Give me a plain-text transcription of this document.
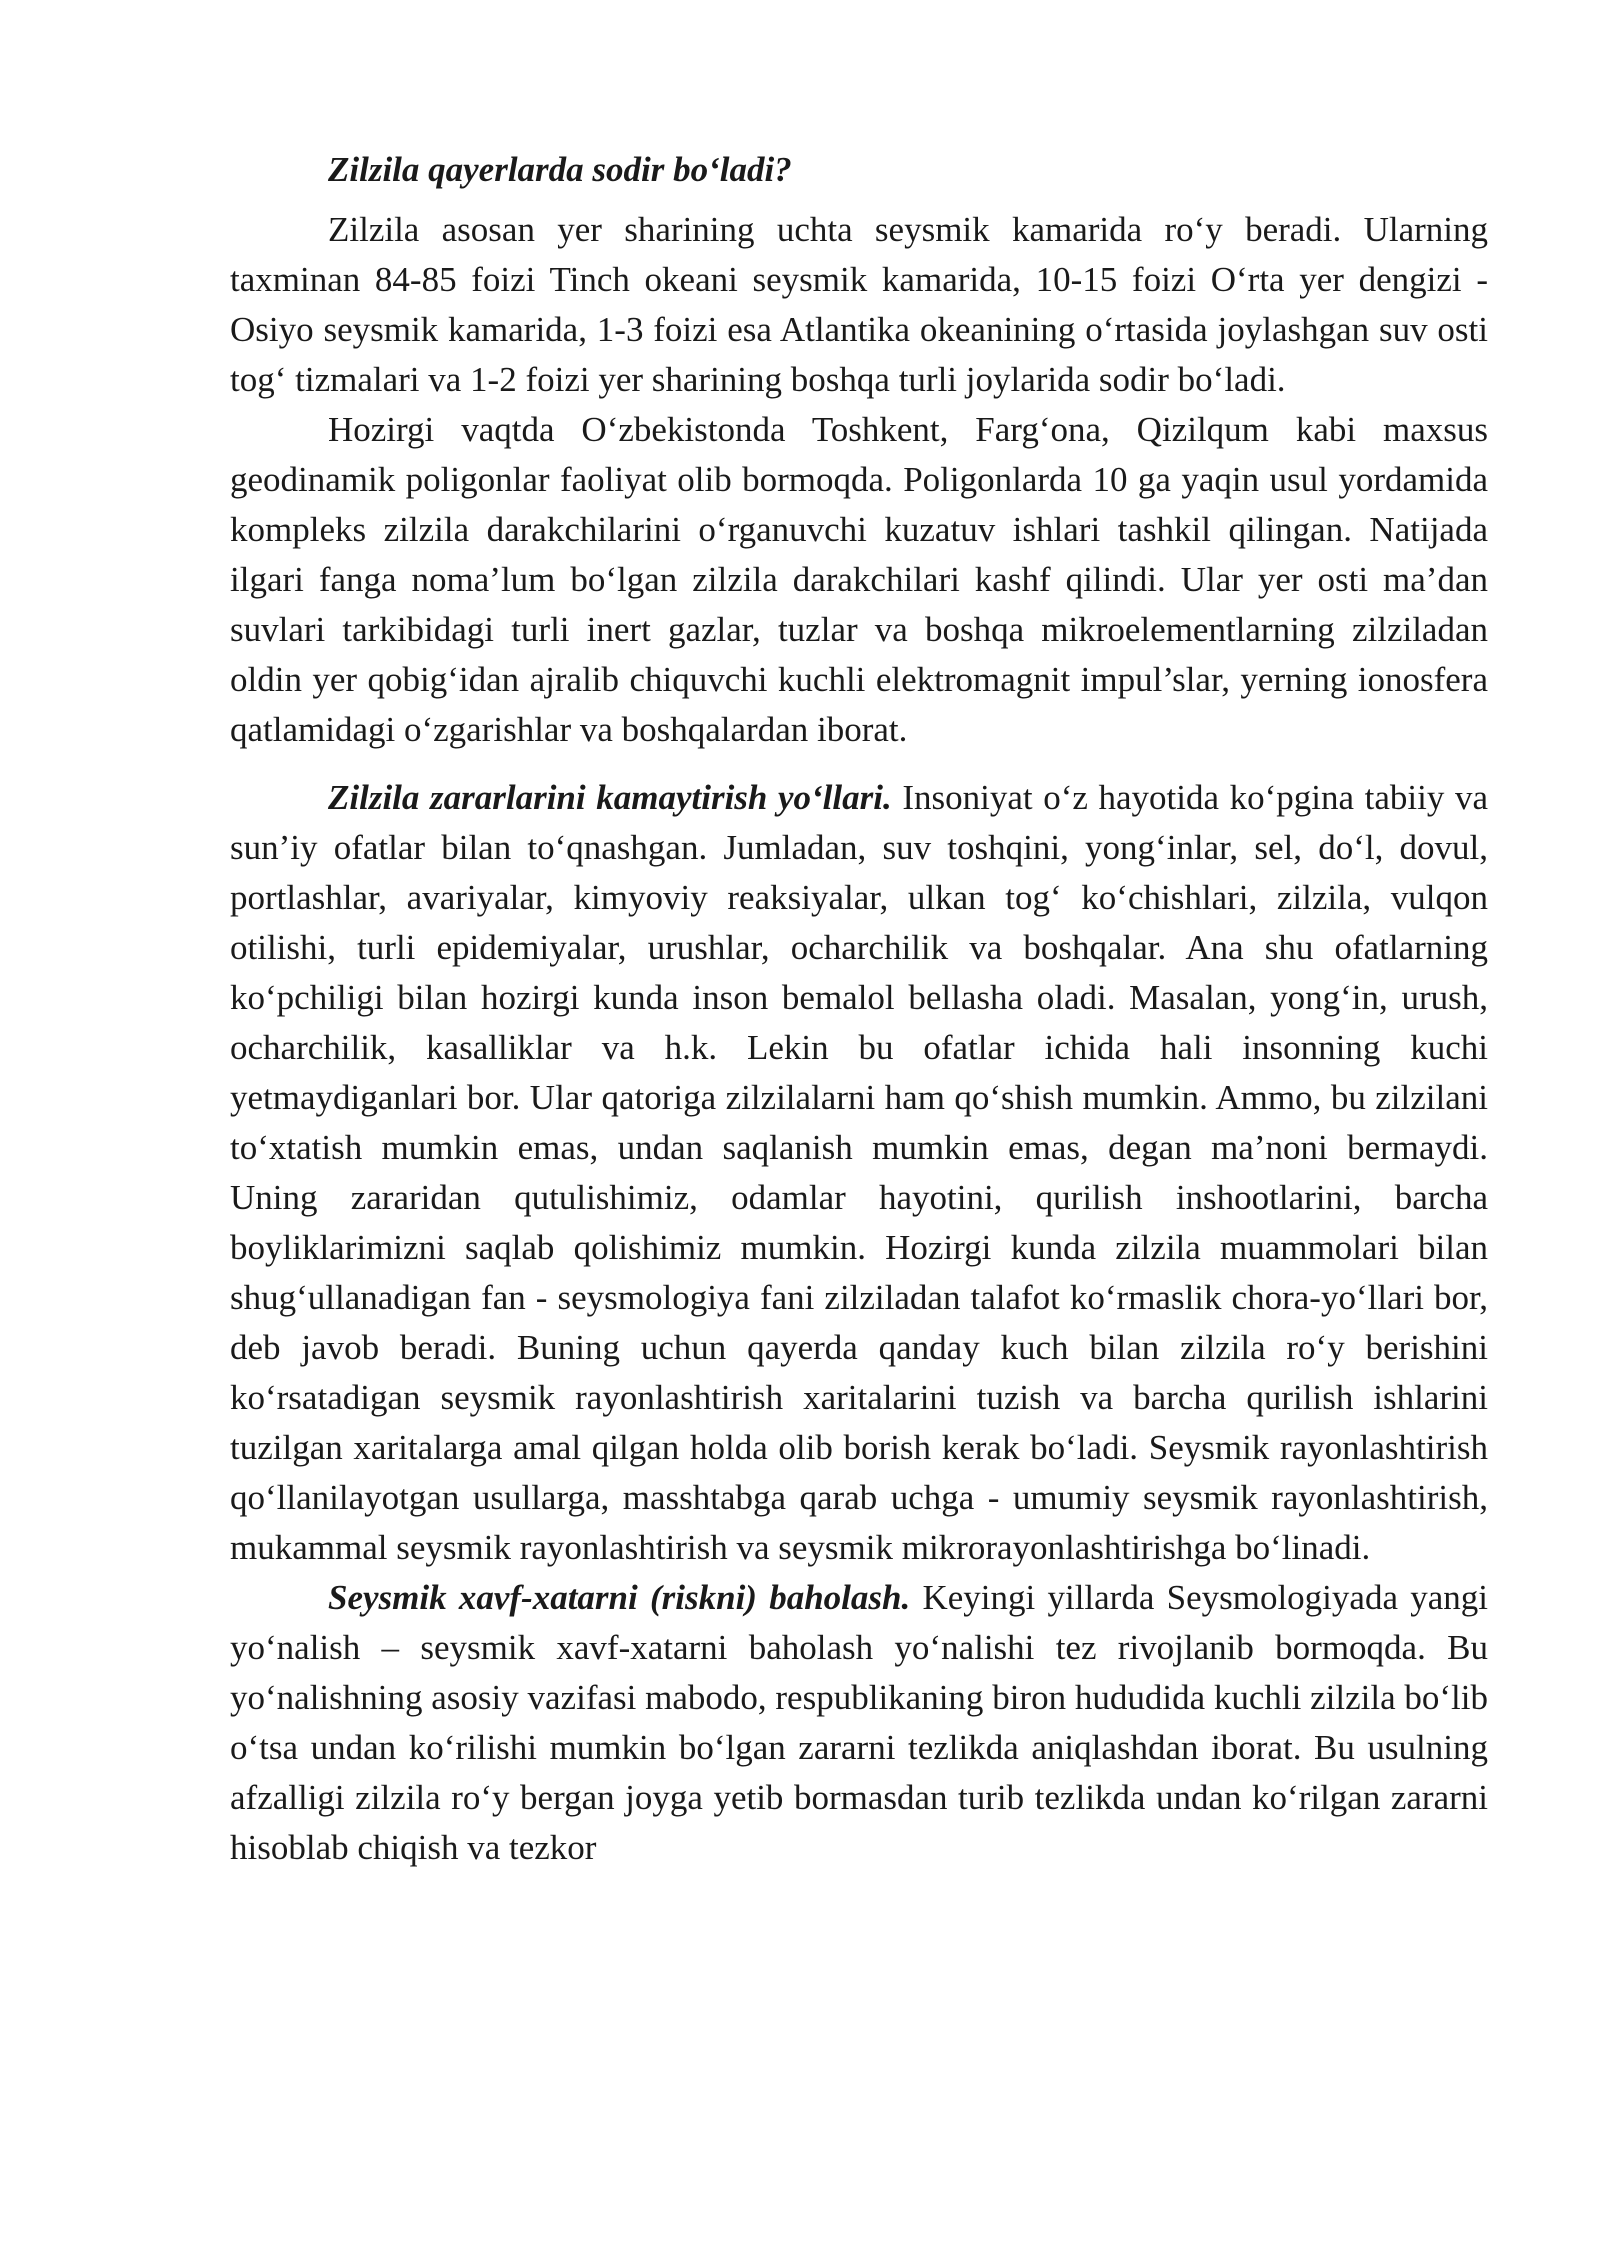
Zilzila qayerlarda sodir bo‘ladi?

Zilzila asosan yer sharining uchta seysmik kamarida ro‘y beradi. Ularning taxminan 84-85 foizi Tinch okeani seysmik kamarida, 10-15 foizi O‘rta yer dengizi - Osiyo seysmik kamarida, 1-3 foizi esa Atlantika okeanining o‘rtasida joylashgan suv osti tog‘ tizmalari va 1-2 foizi yer sharining boshqa turli joylarida sodir bo‘ladi.

Hozirgi vaqtda O‘zbekistonda Toshkent, Farg‘ona, Qizilqum kabi maxsus geodinamik poligonlar faoliyat olib bormoqda. Poligonlarda 10 ga yaqin usul yordamida kompleks zilzila darakchilarini o‘rganuvchi kuzatuv ishlari tashkil qilingan. Natijada ilgari fanga noma’lum bo‘lgan zilzila darakchilari kashf qilindi. Ular yer osti ma’dan suvlari tarkibidagi turli inert gazlar, tuzlar va boshqa mikroelementlarning zilziladan oldin yer qobig‘idan ajralib chiquvchi kuchli elektromagnit impul’slar, yerning ionosfera qatlamidagi o‘zgarishlar va boshqalardan iborat.

Zilzila zararlarini kamaytirish yo‘llari. Insoniyat o‘z hayotida ko‘pgina tabiiy va sun’iy ofatlar bilan to‘qnashgan. Jumladan, suv toshqini, yong‘inlar, sel, do‘l, dovul, portlashlar, avariyalar, kimyoviy reaksiyalar, ulkan tog‘ ko‘chishlari, zilzila, vulqon otilishi, turli epidemiyalar, urushlar, ocharchilik va boshqalar. Ana shu ofatlarning ko‘pchiligi bilan hozirgi kunda inson bemalol bellasha oladi. Masalan, yong‘in, urush, ocharchilik, kasalliklar va h.k. Lekin bu ofatlar ichida hali insonning kuchi yetmaydiganlari bor. Ular qatoriga zilzilalarni ham qo‘shish mumkin. Ammo, bu zilzilani to‘xtatish mumkin emas, undan saqlanish mumkin emas, degan ma’noni bermaydi. Uning zararidan qutulishimiz, odamlar hayotini, qurilish inshootlarini, barcha boyliklarimizni saqlab qolishimiz mumkin. Hozirgi kunda zilzila muammolari bilan shug‘ullanadigan fan - seysmologiya fani zilziladan talafot ko‘rmaslik chora-yo‘llari bor, deb javob beradi. Buning uchun qayerda qanday kuch bilan zilzila ro‘y berishini ko‘rsatadigan seysmik rayonlashtirish xaritalarini tuzish va barcha qurilish ishlarini tuzilgan xaritalarga amal qilgan holda olib borish kerak bo‘ladi. Seysmik rayonlashtirish qo‘llanilayotgan usullarga, masshtabga qarab uchga - umumiy seysmik rayonlashtirish, mukammal seysmik rayonlashtirish va seysmik mikrorayonlashtirishga bo‘linadi.

Seysmik xavf-xatarni (riskni) baholash. Keyingi yillarda Seysmologiyada yangi yo‘nalish – seysmik xavf-xatarni baholash yo‘nalishi tez rivojlanib bormoqda. Bu yo‘nalishning asosiy vazifasi mabodo, respublikaning biron hududida kuchli zilzila bo‘lib o‘tsa undan ko‘rilishi mumkin bo‘lgan zararni tezlikda aniqlashdan iborat. Bu usulning afzalligi zilzila ro‘y bergan joyga yetib bormasdan turib tezlikda undan ko‘rilgan zararni hisoblab chiqish va tezkor
